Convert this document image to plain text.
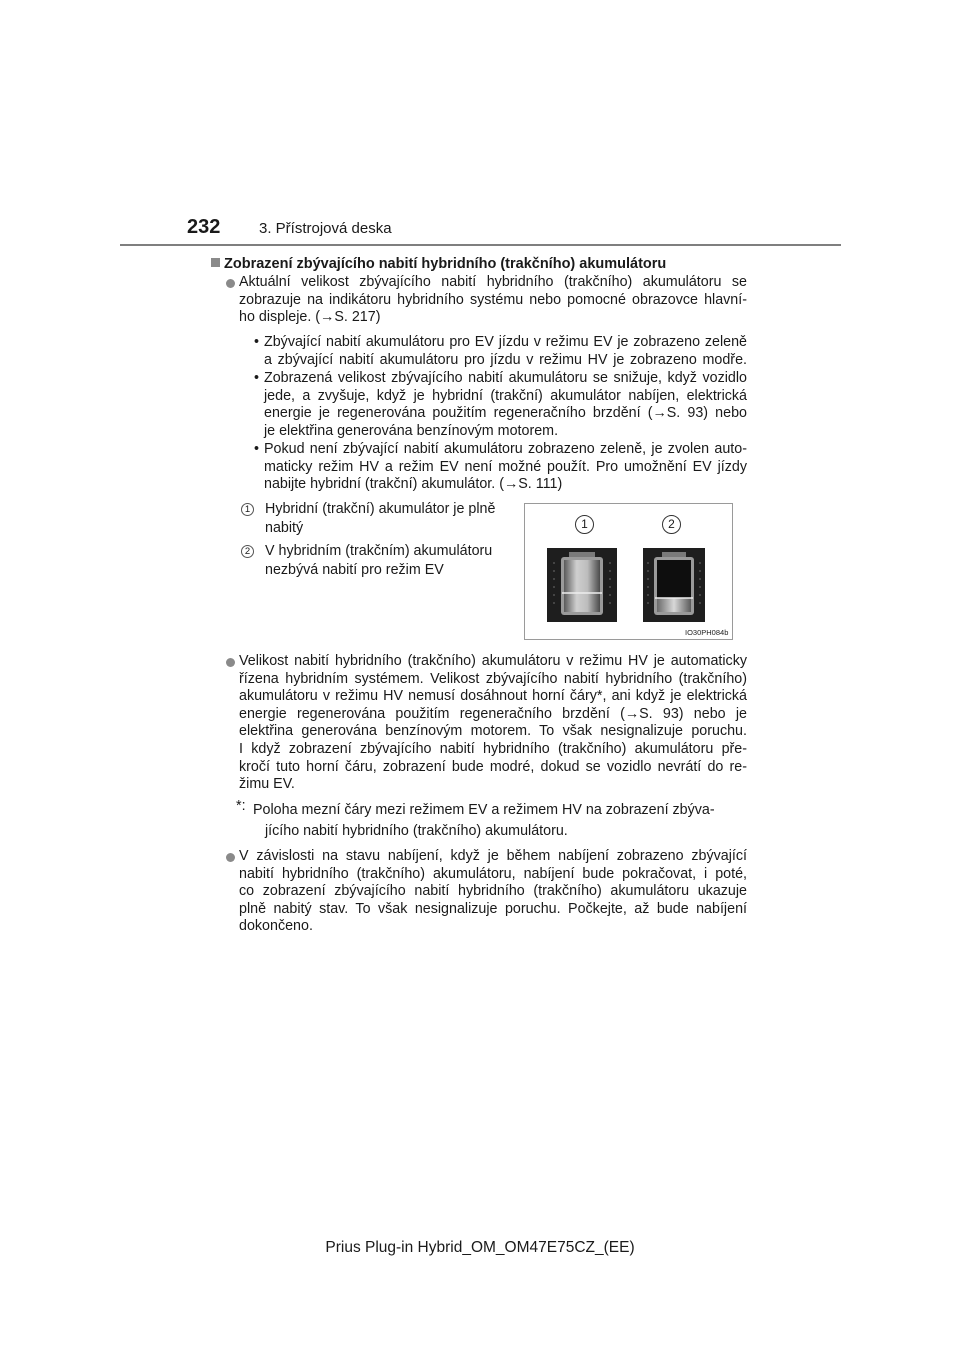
232	3. Přístrojová deska
Zobrazení zbývajícího nabití hybridního (trakčního) akumulátoru
Aktuální velikost zbývajícího nabití hybridního (trakčního) akumulátoru se
zobrazuje na indikátoru hybridního systému nebo pomocné obrazovce hlavní-
ho displeje. (→S. 217)
• Zbývající nabití akumulátoru pro EV jízdu v režimu EV je zobrazeno zeleně
a zbývající nabití akumulátoru pro jízdu v režimu HV je zobrazeno modře.
• Zobrazená velikost zbývajícího nabití akumulátoru se snižuje, když vozidlo
jede, a zvyšuje, když je hybridní (trakční) akumulátor nabíjen, elektrická
energie je regenerována použitím regeneračního brzdění (→S. 93) nebo
je elektřina generována benzínovým motorem.
• Pokud není zbývající nabití akumulátoru zobrazeno zeleně, je zvolen auto-
maticky režim HV a režim EV není možné použít. Pro umožnění EV jízdy
nabijte hybridní (trakční) akumulátor. (→S. 111)
1 Hybridní (trakční) akumulátor je plně
nabitý
2 V hybridním (trakčním) akumulátoru
nezbývá nabití pro režim EV
1	2
IO30PH084b
Velikost nabití hybridního (trakčního) akumulátoru v režimu HV je automaticky
řízena hybridním systémem. Velikost zbývajícího nabití hybridního (trakčního)
akumulátoru v režimu HV nemusí dosáhnout horní čáry*, ani když je elektrická
energie regenerována použitím regeneračního brzdění (→S. 93) nebo je
elektřina generována benzínovým motorem. To však nesignalizuje poruchu.
I když zobrazení zbývajícího nabití hybridního (trakčního) akumulátoru pře-
kročí tuto horní čáru, zobrazení bude modré, dokud se vozidlo nevrátí do re-
žimu EV.
*: Poloha mezní čáry mezi režimem EV a režimem HV na zobrazení zbýva-
jícího nabití hybridního (trakčního) akumulátoru.
V závislosti na stavu nabíjení, když je během nabíjení zobrazeno zbývající
nabití hybridního (trakčního) akumulátoru, nabíjení bude pokračovat, i poté,
co zobrazení zbývajícího nabití hybridního (trakčního) akumulátoru ukazuje
plně nabitý stav. To však nesignalizuje poruchu. Počkejte, až bude nabíjení
dokončeno.
Prius Plug-in Hybrid_OM_OM47E75CZ_(EE)
